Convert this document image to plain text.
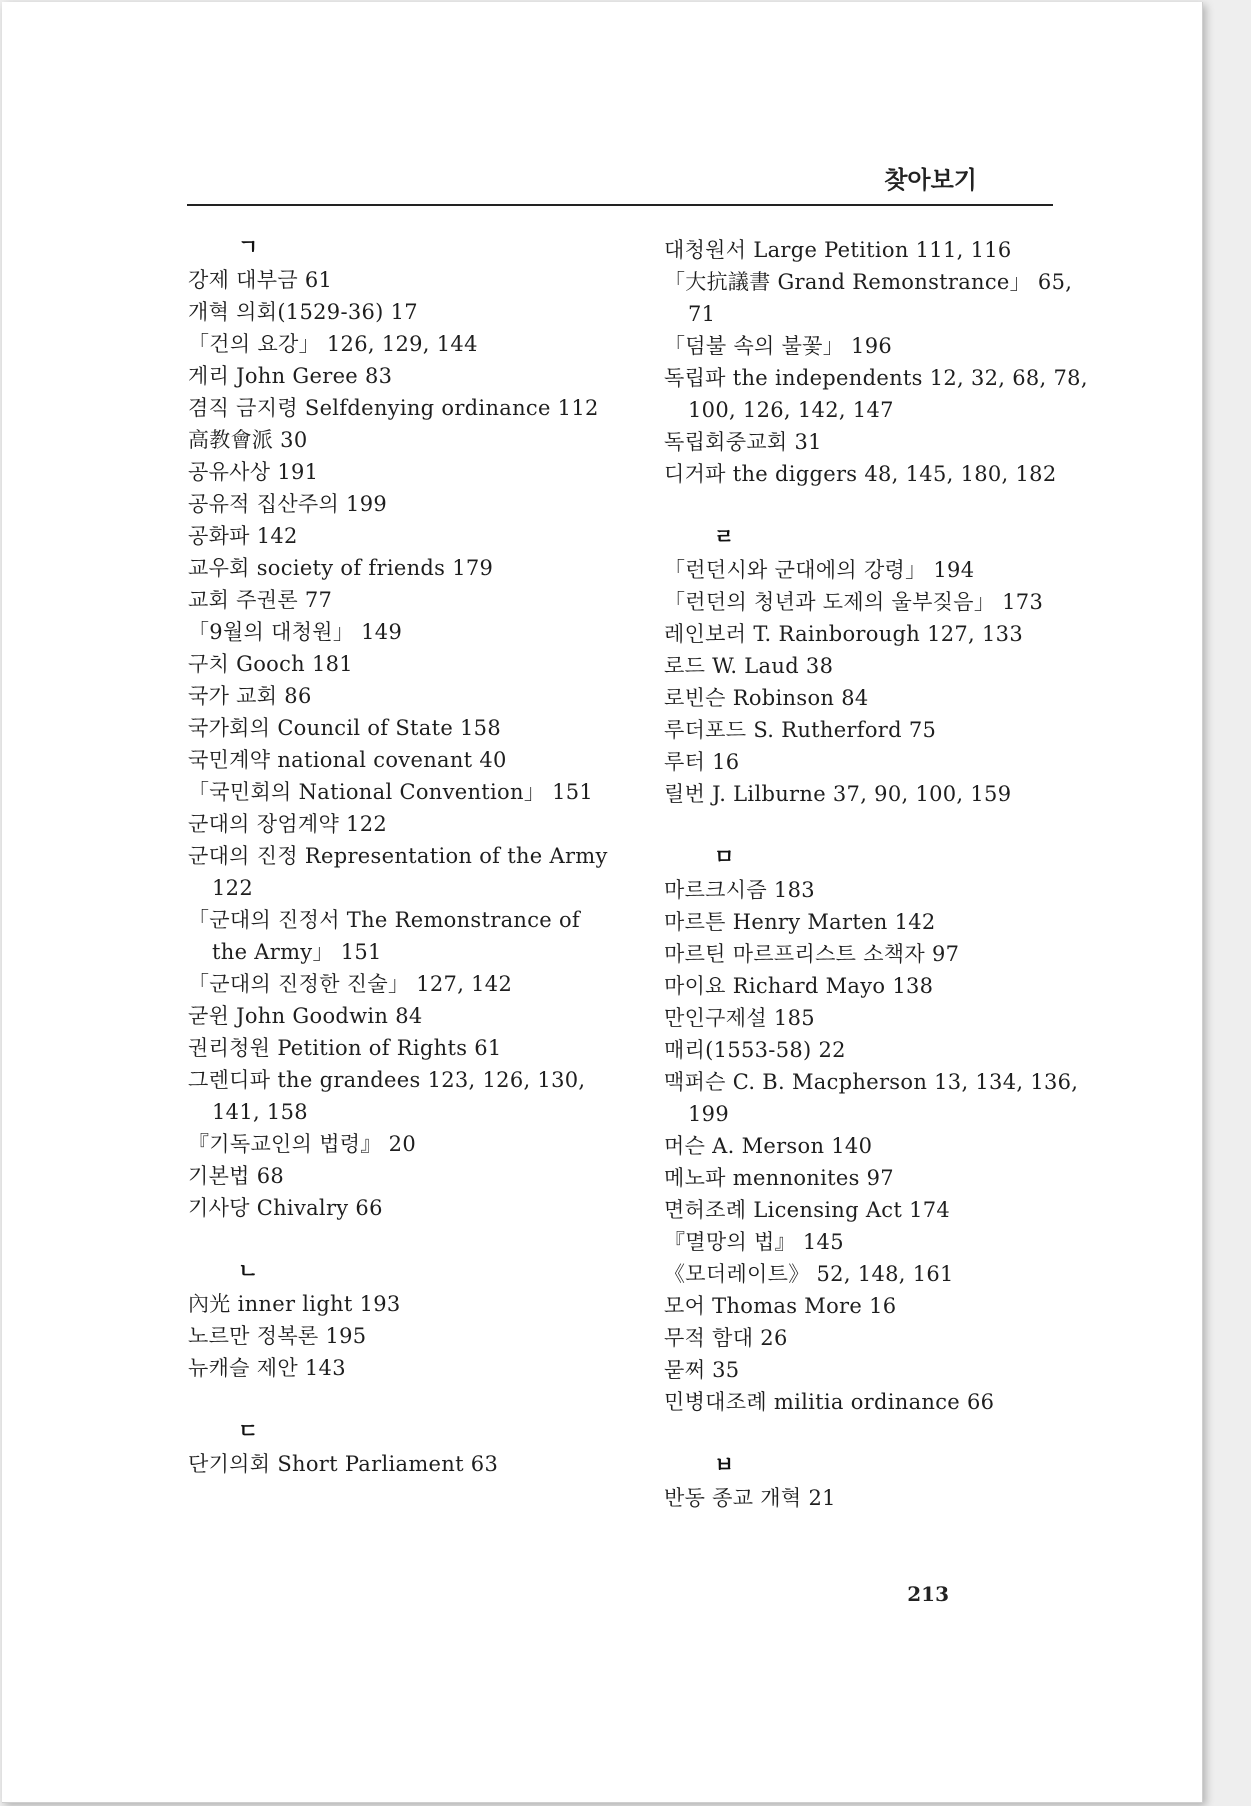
찾아보기
ㄱ
강제 대부금 61
개혁 의회(1529-36) 17
「건의 요강」 126, 129, 144
게리 John Geree 83
겸직 금지령 Selfdenying ordinance 112
高教會派 30
공유사상 191
공유적 집산주의 199
공화파 142
교우회 society of friends 179
교회 주권론 77
「9월의 대청원」 149
구치 Gooch 181
국가 교회 86
국가회의 Council of State 158
국민계약 national covenant 40
「국민회의 National Convention」 151
군대의 장엄계약 122
군대의 진정 Representation of the Army 122
「군대의 진정서 The Remonstrance of the Army」 151
「군대의 진정한 진술」 127, 142
굳윈 John Goodwin 84
권리청원 Petition of Rights 61
그렌디파 the grandees 123, 126, 130, 141, 158
『기독교인의 법령』 20
기본법 68
기사당 Chivalry 66
ㄴ
內光 inner light 193
노르만 정복론 195
뉴캐슬 제안 143
ㄷ
단기의회 Short Parliament 63
대청원서 Large Petition 111, 116
「大抗議書 Grand Remonstrance」 65, 71
「덤불 속의 불꽃」 196
독립파 the independents 12, 32, 68, 78, 100, 126, 142, 147
독립회중교회 31
디거파 the diggers 48, 145, 180, 182
ㄹ
「런던시와 군대에의 강령」 194
「런던의 청년과 도제의 울부짖음」 173
레인보러 T. Rainborough 127, 133
로드 W. Laud 38
로빈슨 Robinson 84
루더포드 S. Rutherford 75
루터 16
릴번 J. Lilburne 37, 90, 100, 159
ㅁ
마르크시즘 183
마르튼 Henry Marten 142
마르틴 마르프리스트 소책자 97
마이요 Richard Mayo 138
만인구제설 185
매리(1553-58) 22
맥퍼슨 C. B. Macpherson 13, 134, 136, 199
머슨 A. Merson 140
메노파 mennonites 97
면허조례 Licensing Act 174
『멸망의 법』 145
《모더레이트》 52, 148, 161
모어 Thomas More 16
무적 함대 26
묻쩌 35
민병대조례 militia ordinance 66
ㅂ
반동 종교 개혁 21
213
